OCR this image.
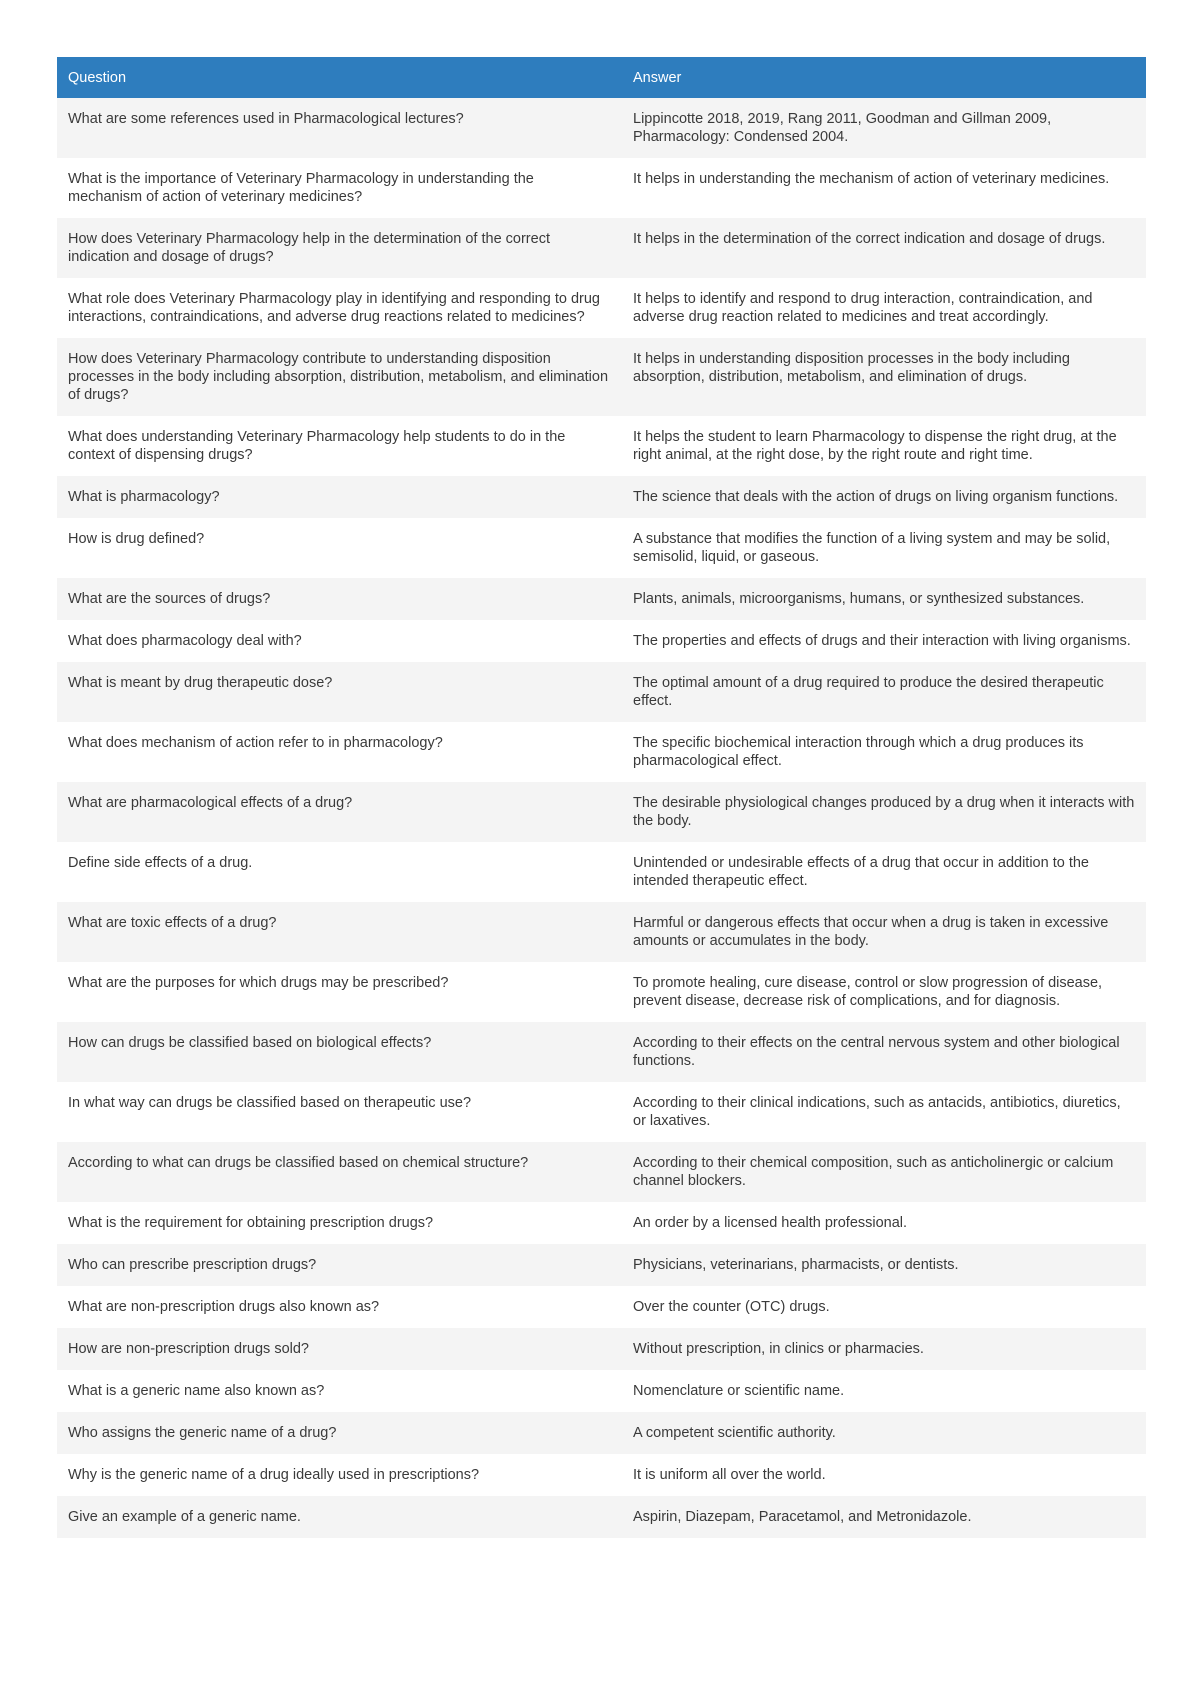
Question	Answer
What are some references used in Pharmacological lectures?	Lippincotte 2018, 2019, Rang 2011, Goodman and Gillman 2009, Pharmacology: Condensed 2004.
What is the importance of Veterinary Pharmacology in understanding the mechanism of action of veterinary medicines?	It helps in understanding the mechanism of action of veterinary medicines.
How does Veterinary Pharmacology help in the determination of the correct indication and dosage of drugs?	It helps in the determination of the correct indication and dosage of drugs.
What role does Veterinary Pharmacology play in identifying and responding to drug interactions, contraindications, and adverse drug reactions related to medicines?	It helps to identify and respond to drug interaction, contraindication, and adverse drug reaction related to medicines and treat accordingly.
How does Veterinary Pharmacology contribute to understanding disposition processes in the body including absorption, distribution, metabolism, and elimination of drugs?	It helps in understanding disposition processes in the body including absorption, distribution, metabolism, and elimination of drugs.
What does understanding Veterinary Pharmacology help students to do in the context of dispensing drugs?	It helps the student to learn Pharmacology to dispense the right drug, at the right animal, at the right dose, by the right route and right time.
What is pharmacology?	The science that deals with the action of drugs on living organism functions.
How is drug defined?	A substance that modifies the function of a living system and may be solid, semisolid, liquid, or gaseous.
What are the sources of drugs?	Plants, animals, microorganisms, humans, or synthesized substances.
What does pharmacology deal with?	The properties and effects of drugs and their interaction with living organisms.
What is meant by drug therapeutic dose?	The optimal amount of a drug required to produce the desired therapeutic effect.
What does mechanism of action refer to in pharmacology?	The specific biochemical interaction through which a drug produces its pharmacological effect.
What are pharmacological effects of a drug?	The desirable physiological changes produced by a drug when it interacts with the body.
Define side effects of a drug.	Unintended or undesirable effects of a drug that occur in addition to the intended therapeutic effect.
What are toxic effects of a drug?	Harmful or dangerous effects that occur when a drug is taken in excessive amounts or accumulates in the body.
What are the purposes for which drugs may be prescribed?	To promote healing, cure disease, control or slow progression of disease, prevent disease, decrease risk of complications, and for diagnosis.
How can drugs be classified based on biological effects?	According to their effects on the central nervous system and other biological functions.
In what way can drugs be classified based on therapeutic use?	According to their clinical indications, such as antacids, antibiotics, diuretics, or laxatives.
According to what can drugs be classified based on chemical structure?	According to their chemical composition, such as anticholinergic or calcium channel blockers.
What is the requirement for obtaining prescription drugs?	An order by a licensed health professional.
Who can prescribe prescription drugs?	Physicians, veterinarians, pharmacists, or dentists.
What are non-prescription drugs also known as?	Over the counter (OTC) drugs.
How are non-prescription drugs sold?	Without prescription, in clinics or pharmacies.
What is a generic name also known as?	Nomenclature or scientific name.
Who assigns the generic name of a drug?	A competent scientific authority.
Why is the generic name of a drug ideally used in prescriptions?	It is uniform all over the world.
Give an example of a generic name.	Aspirin, Diazepam, Paracetamol, and Metronidazole.
